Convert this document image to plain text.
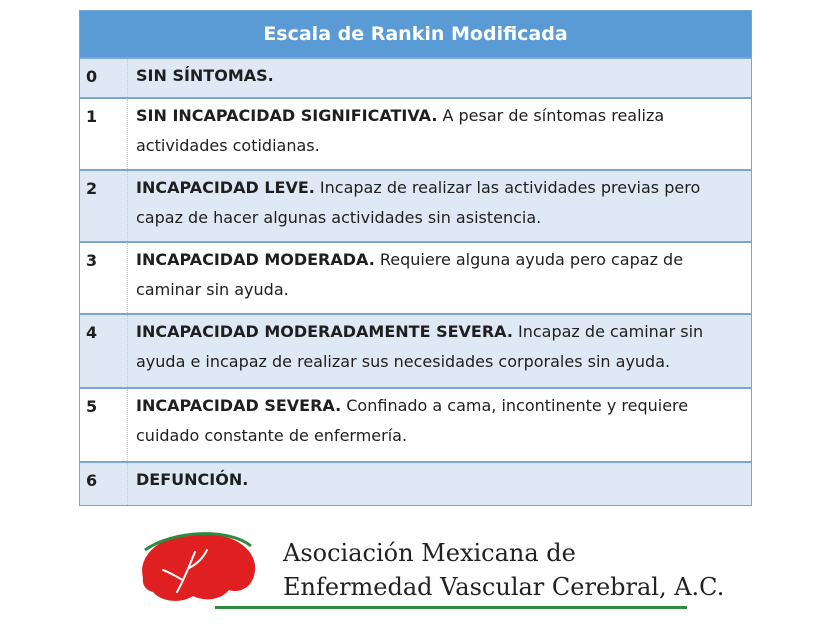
Escala de Rankin Modificada
0	SIN SÍNTOMAS.
1	SIN INCAPACIDAD SIGNIFICATIVA. A pesar de síntomas realiza actividades cotidianas.
2	INCAPACIDAD LEVE. Incapaz de realizar las actividades previas pero capaz de hacer algunas actividades sin asistencia.
3	INCAPACIDAD MODERADA. Requiere alguna ayuda pero capaz de caminar sin ayuda.
4	INCAPACIDAD MODERADAMENTE SEVERA. Incapaz de caminar sin ayuda e incapaz de realizar sus necesidades corporales sin ayuda.
5	INCAPACIDAD SEVERA. Confinado a cama, incontinente y requiere cuidado constante de enfermería.
6	DEFUNCIÓN.
Asociación Mexicana de
Enfermedad Vascular Cerebral, A.C.
